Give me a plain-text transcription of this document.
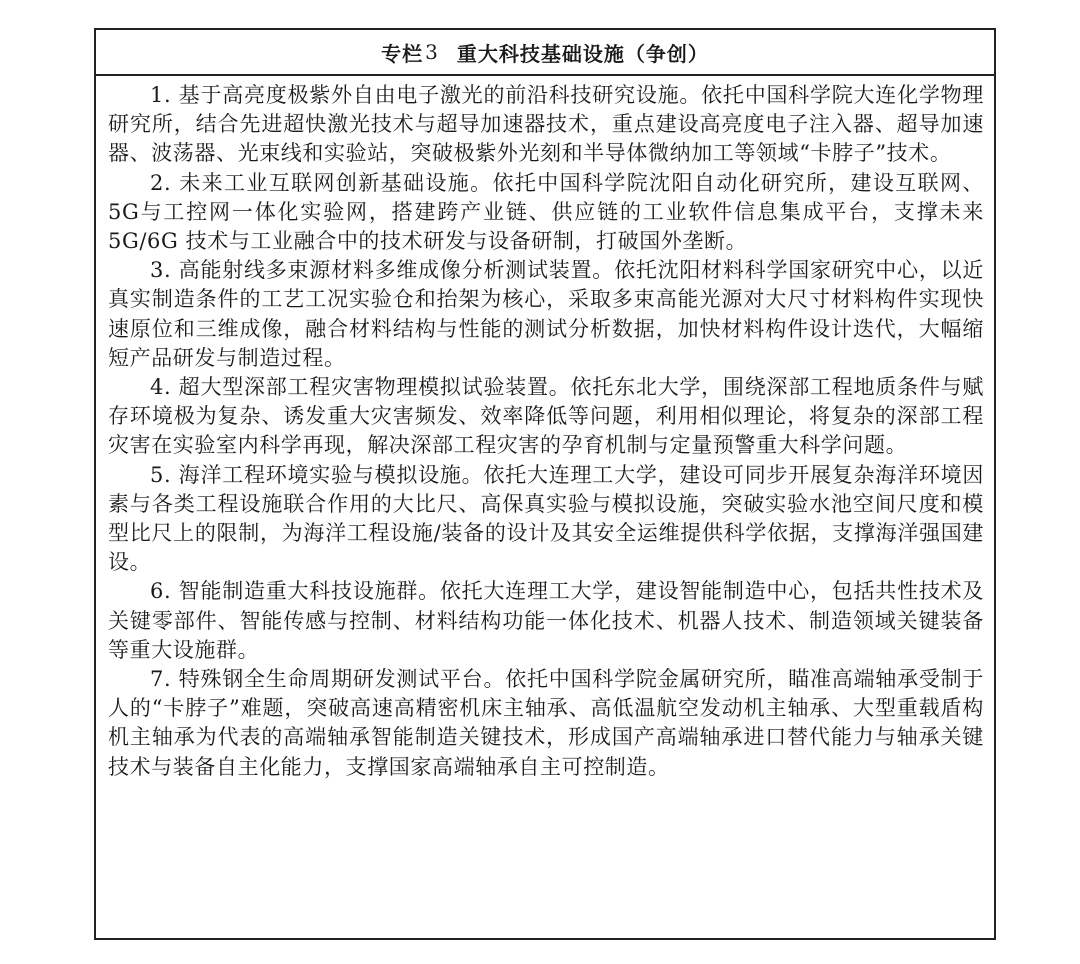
专栏 3 重大科技基础设施（争创）

1. 基于高亮度极紫外自由电子激光的前沿科技研究设施。依托中国科学院大连化学物理研究所，结合先进超快激光技术与超导加速器技术，重点建设高亮度电子注入器、超导加速器、波荡器、光束线和实验站，突破极紫外光刻和半导体微纳加工等领域“卡脖子”技术。

2. 未来工业互联网创新基础设施。依托中国科学院沈阳自动化研究所，建设互联网、5G与工控网一体化实验网，搭建跨产业链、供应链的工业软件信息集成平台，支撑未来 5G/6G 技术与工业融合中的技术研发与设备研制，打破国外垄断。

3. 高能射线多束源材料多维成像分析测试装置。依托沈阳材料科学国家研究中心，以近真实制造条件的工艺工况实验仓和抬架为核心，采取多束高能光源对大尺寸材料构件实现快速原位和三维成像，融合材料结构与性能的测试分析数据，加快材料构件设计迭代，大幅缩短产品研发与制造过程。

4. 超大型深部工程灾害物理模拟试验装置。依托东北大学，围绕深部工程地质条件与赋存环境极为复杂、诱发重大灾害频发、效率降低等问题，利用相似理论，将复杂的深部工程灾害在实验室内科学再现，解决深部工程灾害的孕育机制与定量预警重大科学问题。

5. 海洋工程环境实验与模拟设施。依托大连理工大学，建设可同步开展复杂海洋环境因素与各类工程设施联合作用的大比尺、高保真实验与模拟设施，突破实验水池空间尺度和模型比尺上的限制，为海洋工程设施/装备的设计及其安全运维提供科学依据，支撑海洋强国建设。

6. 智能制造重大科技设施群。依托大连理工大学，建设智能制造中心，包括共性技术及关键零部件、智能传感与控制、材料结构功能一体化技术、机器人技术、制造领域关键装备等重大设施群。

7. 特殊钢全生命周期研发测试平台。依托中国科学院金属研究所，瞄准高端轴承受制于人的“卡脖子”难题，突破高速高精密机床主轴承、高低温航空发动机主轴承、大型重载盾构机主轴承为代表的高端轴承智能制造关键技术，形成国产高端轴承进口替代能力与轴承关键技术与装备自主化能力，支撑国家高端轴承自主可控制造。
